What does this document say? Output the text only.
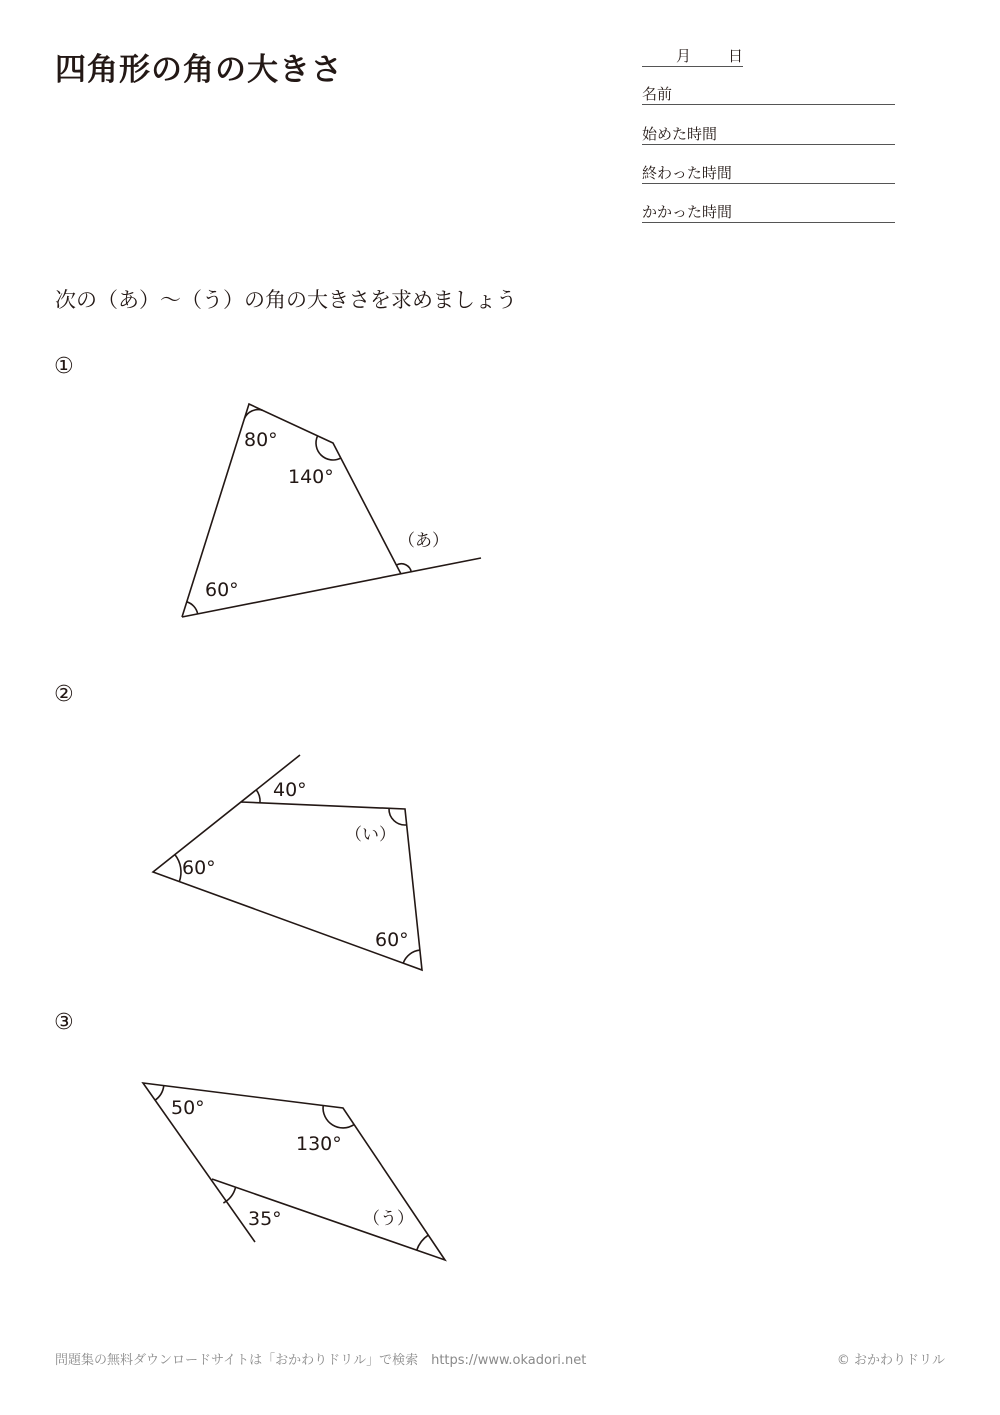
四角形の角の大きさ	月 日
名前
始めた時間
終わった時間
かかった時間
次の（あ）～（う）の角の大きさを求めましょう
①
②
③
80°
140°
60°
（あ）
40°
60°
60°
（い）
50°
130°
35°	（う）
問題集の無料ダウンロードサイトは「おかわりドリル」で検索　https://www.okadori.net	© おかわりドリル
